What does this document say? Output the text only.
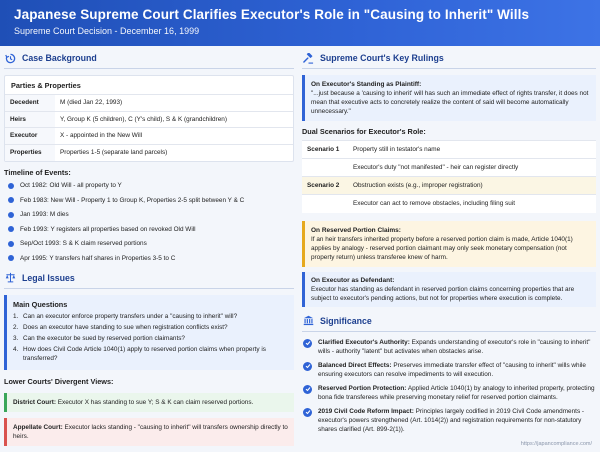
Japanese Supreme Court Clarifies Executor's Role in "Causing to Inherit" Wills
Supreme Court Decision - December 16, 1999
Case Background
Parties & Properties
Decedent	M (died Jan 22, 1993)
Heirs	Y, Group K (5 children), C (Y's child), S & K (grandchildren)
Executor	X - appointed in the New Will
Properties	Properties 1-5 (separate land parcels)
Timeline of Events:
Oct 1982: Old Will - all property to Y
Feb 1983: New Will - Property 1 to Group K, Properties 2-5 split between Y & C
Jan 1993: M dies
Feb 1993: Y registers all properties based on revoked Old Will
Sep/Oct 1993: S & K claim reserved portions
Apr 1995: Y transfers half shares in Properties 3-5 to C
Legal Issues
Main Questions
1. Can an executor enforce property transfers under a "causing to inherit" will?
2. Does an executor have standing to sue when registration conflicts exist?
3. Can the executor be sued by reserved portion claimants?
4. How does Civil Code Article 1040(1) apply to reserved portion claims when property is transferred?
Lower Courts' Divergent Views:
District Court: Executor X has standing to sue Y; S & K can claim reserved portions.
Appellate Court: Executor lacks standing - "causing to inherit" will transfers ownership directly to heirs.
Supreme Court's Key Rulings
On Executor's Standing as Plaintiff:
"...just because a 'causing to inherit' will has such an immediate effect of rights transfer, it does not mean that executive acts to concretely realize the content of said will become automatically unnecessary."
Dual Scenarios for Executor's Role:
Scenario 1	Property still in testator's name
	Executor's duty "not manifested" - heir can register directly
Scenario 2	Obstruction exists (e.g., improper registration)
	Executor can act to remove obstacles, including filing suit
On Reserved Portion Claims:
If an heir transfers inherited property before a reserved portion claim is made, Article 1040(1) applies by analogy - reserved portion claimant may only seek monetary compensation (not property return) unless transferee knew of harm.
On Executor as Defendant:
Executor has standing as defendant in reserved portion claims concerning properties that are subject to executor's pending actions, but not for properties where execution is complete.
Significance
Clarified Executor's Authority: Expands understanding of executor's role in "causing to inherit" wills - authority "latent" but activates when obstacles arise.
Balanced Direct Effects: Preserves immediate transfer effect of "causing to inherit" wills while ensuring executors can resolve impediments to will execution.
Reserved Portion Protection: Applied Article 1040(1) by analogy to inherited property, protecting bona fide transferees while preserving monetary relief for reserved portion claimants.
2019 Civil Code Reform Impact: Principles largely codified in 2019 Civil Code amendments - executor's powers strengthened (Art. 1014(2)) and registration requirements for non-statutory shares clarified (Art. 899-2(1)).
https://japancompliance.com/
